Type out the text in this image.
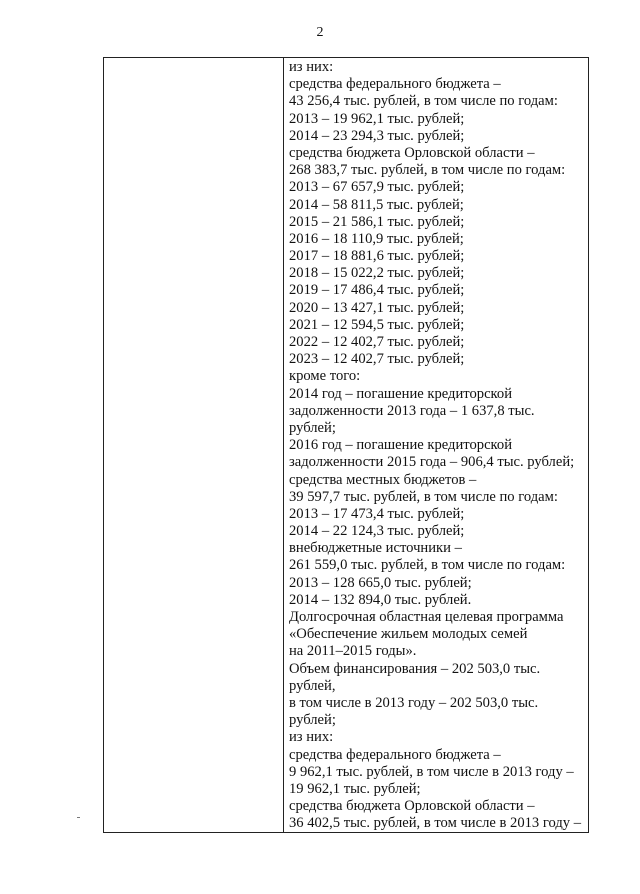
2

из них:
средства федерального бюджета –
43 256,4 тыс. рублей, в том числе по годам:
2013 – 19 962,1 тыс. рублей;
2014 – 23 294,3 тыс. рублей;
средства бюджета Орловской области –
268 383,7 тыс. рублей, в том числе по годам:
2013 – 67 657,9 тыс. рублей;
2014 – 58 811,5 тыс. рублей;
2015 – 21 586,1 тыс. рублей;
2016 – 18 110,9 тыс. рублей;
2017 – 18 881,6 тыс. рублей;
2018 – 15 022,2 тыс. рублей;
2019 – 17 486,4 тыс. рублей;
2020 – 13 427,1 тыс. рублей;
2021 – 12 594,5 тыс. рублей;
2022 – 12 402,7 тыс. рублей;
2023 – 12 402,7 тыс. рублей;
кроме того:
2014 год – погашение кредиторской
задолженности 2013 года – 1 637,8 тыс.
рублей;
2016 год – погашение кредиторской
задолженности 2015 года – 906,4 тыс. рублей;
средства местных бюджетов –
39 597,7 тыс. рублей, в том числе по годам:
2013 – 17 473,4 тыс. рублей;
2014 – 22 124,3 тыс. рублей;
внебюджетные источники –
261 559,0 тыс. рублей, в том числе по годам:
2013 – 128 665,0 тыс. рублей;
2014 – 132 894,0 тыс. рублей.
Долгосрочная областная целевая программа
«Обеспечение жильем молодых семей
на 2011–2015 годы».
Объем финансирования – 202 503,0 тыс.
рублей,
в том числе в 2013 году – 202 503,0 тыс.
рублей;
из них:
средства федерального бюджета –
9 962,1 тыс. рублей, в том числе в 2013 году –
19 962,1 тыс. рублей;
средства бюджета Орловской области –
36 402,5 тыс. рублей, в том числе в 2013 году –
